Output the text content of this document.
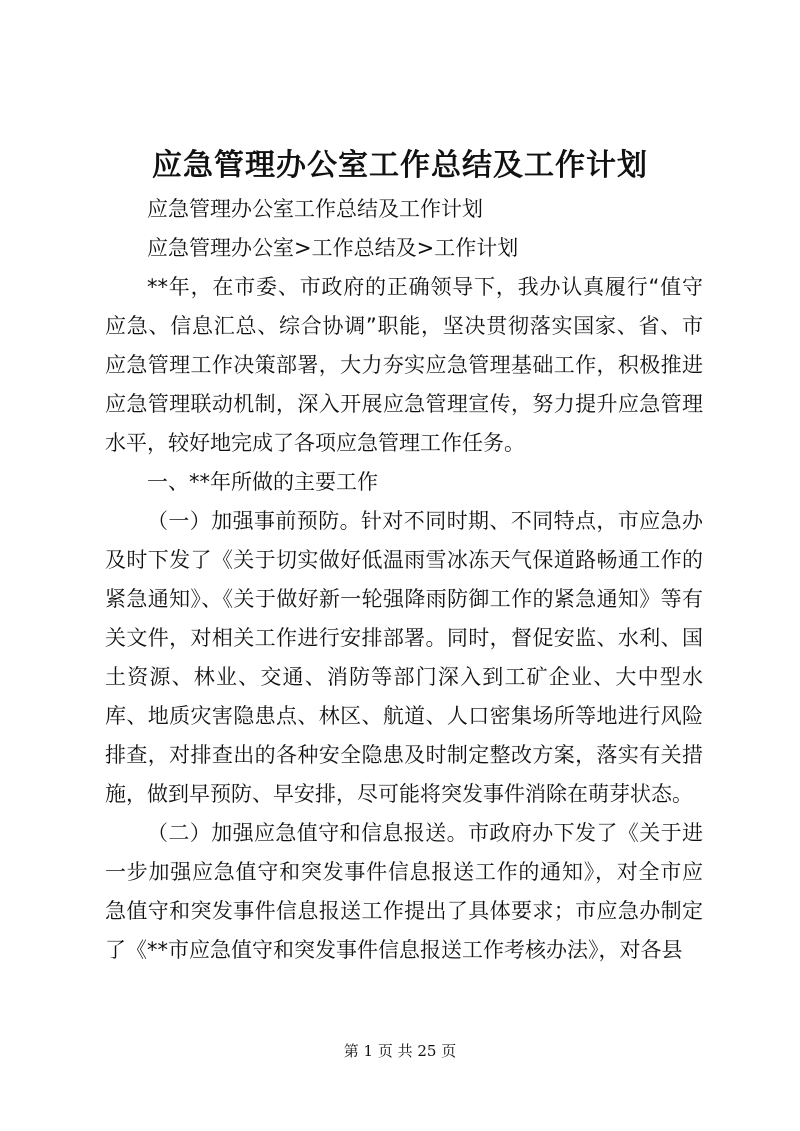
应急管理办公室工作总结及工作计划

应急管理办公室工作总结及工作计划

应急管理办公室>工作总结及>工作计划

**年，在市委、市政府的正确领导下，我办认真履行“值守应急、信息汇总、综合协调”职能，坚决贯彻落实国家、省、市应急管理工作决策部署，大力夯实应急管理基础工作，积极推进应急管理联动机制，深入开展应急管理宣传，努力提升应急管理水平，较好地完成了各项应急管理工作任务。

一、**年所做的主要工作

（一）加强事前预防。针对不同时期、不同特点，市应急办及时下发了《关于切实做好低温雨雪冰冻天气保道路畅通工作的紧急通知》、《关于做好新一轮强降雨防御工作的紧急通知》等有关文件，对相关工作进行安排部署。同时，督促安监、水利、国土资源、林业、交通、消防等部门深入到工矿企业、大中型水库、地质灾害隐患点、林区、航道、人口密集场所等地进行风险排查，对排查出的各种安全隐患及时制定整改方案，落实有关措施，做到早预防、早安排，尽可能将突发事件消除在萌芽状态。

（二）加强应急值守和信息报送。市政府办下发了《关于进一步加强应急值守和突发事件信息报送工作的通知》，对全市应急值守和突发事件信息报送工作提出了具体要求；市应急办制定了《**市应急值守和突发事件信息报送工作考核办法》，对各县

第 1 页 共 25 页
